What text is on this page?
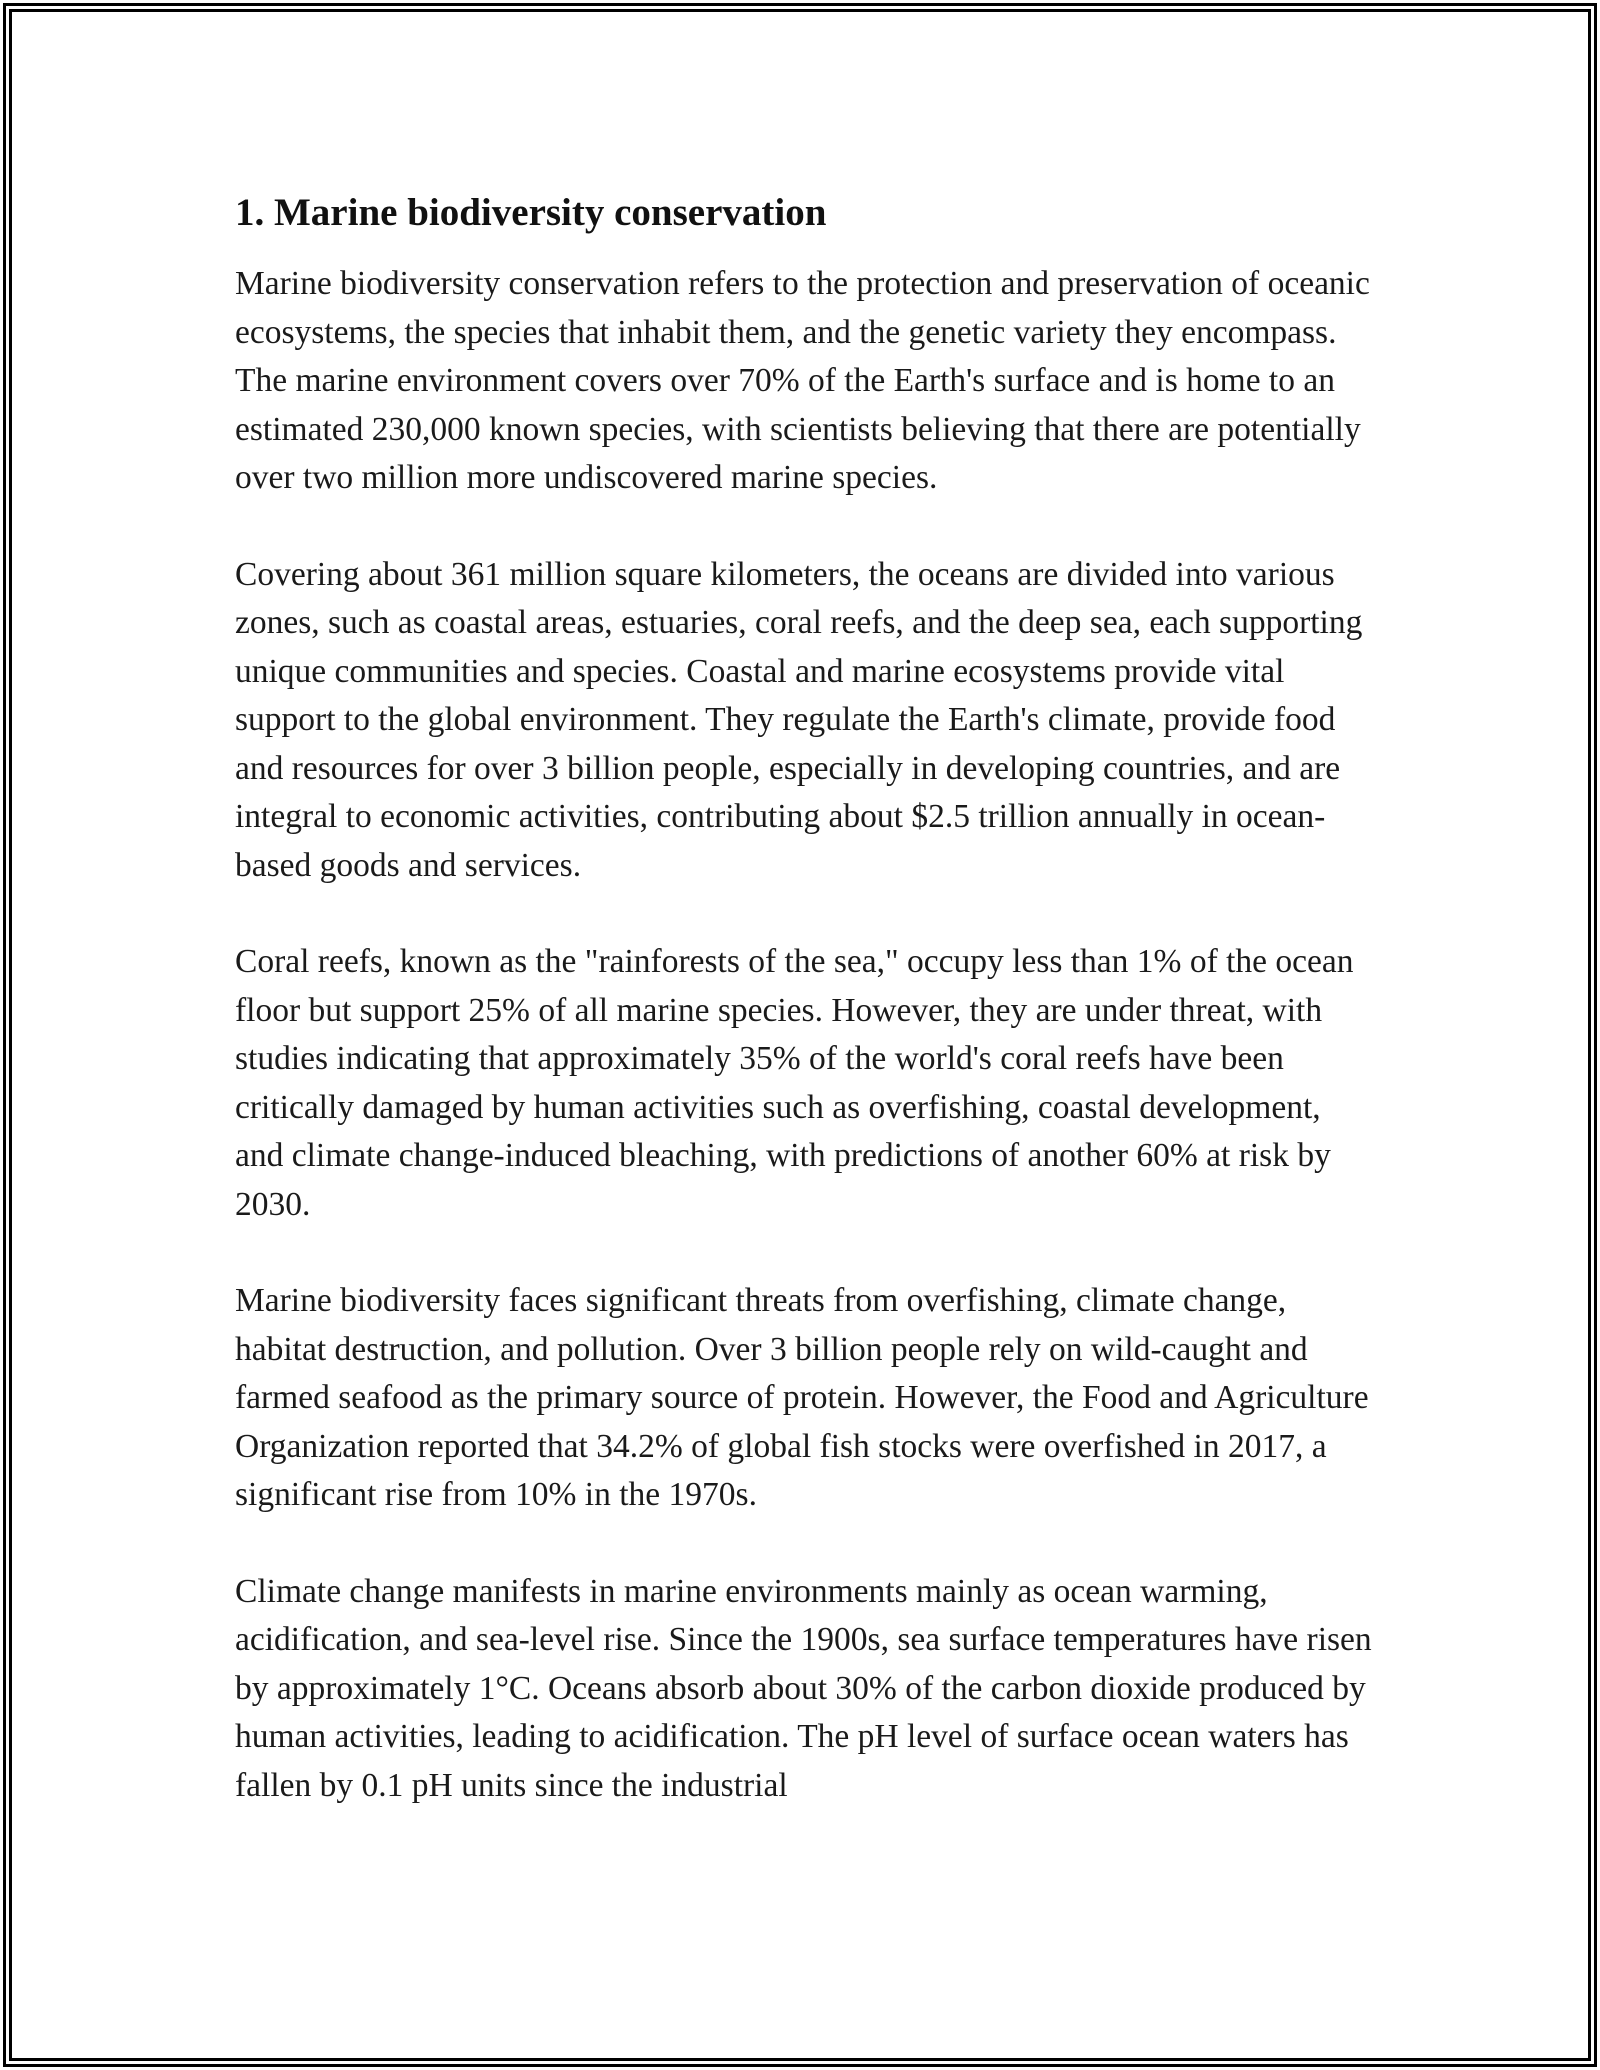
1. Marine biodiversity conservation

Marine biodiversity conservation refers to the protection and preservation of oceanic ecosystems, the species that inhabit them, and the genetic variety they encompass. The marine environment covers over 70% of the Earth's surface and is home to an estimated 230,000 known species, with scientists believing that there are potentially over two million more undiscovered marine species.

Covering about 361 million square kilometers, the oceans are divided into various zones, such as coastal areas, estuaries, coral reefs, and the deep sea, each supporting unique communities and species. Coastal and marine ecosystems provide vital support to the global environment. They regulate the Earth's climate, provide food and resources for over 3 billion people, especially in developing countries, and are integral to economic activities, contributing about $2.5 trillion annually in ocean-based goods and services.

Coral reefs, known as the "rainforests of the sea," occupy less than 1% of the ocean floor but support 25% of all marine species. However, they are under threat, with studies indicating that approximately 35% of the world's coral reefs have been critically damaged by human activities such as overfishing, coastal development, and climate change-induced bleaching, with predictions of another 60% at risk by 2030.

Marine biodiversity faces significant threats from overfishing, climate change, habitat destruction, and pollution. Over 3 billion people rely on wild-caught and farmed seafood as the primary source of protein. However, the Food and Agriculture Organization reported that 34.2% of global fish stocks were overfished in 2017, a significant rise from 10% in the 1970s.

Climate change manifests in marine environments mainly as ocean warming, acidification, and sea-level rise. Since the 1900s, sea surface temperatures have risen by approximately 1°C. Oceans absorb about 30% of the carbon dioxide produced by human activities, leading to acidification. The pH level of surface ocean waters has fallen by 0.1 pH units since the industrial
